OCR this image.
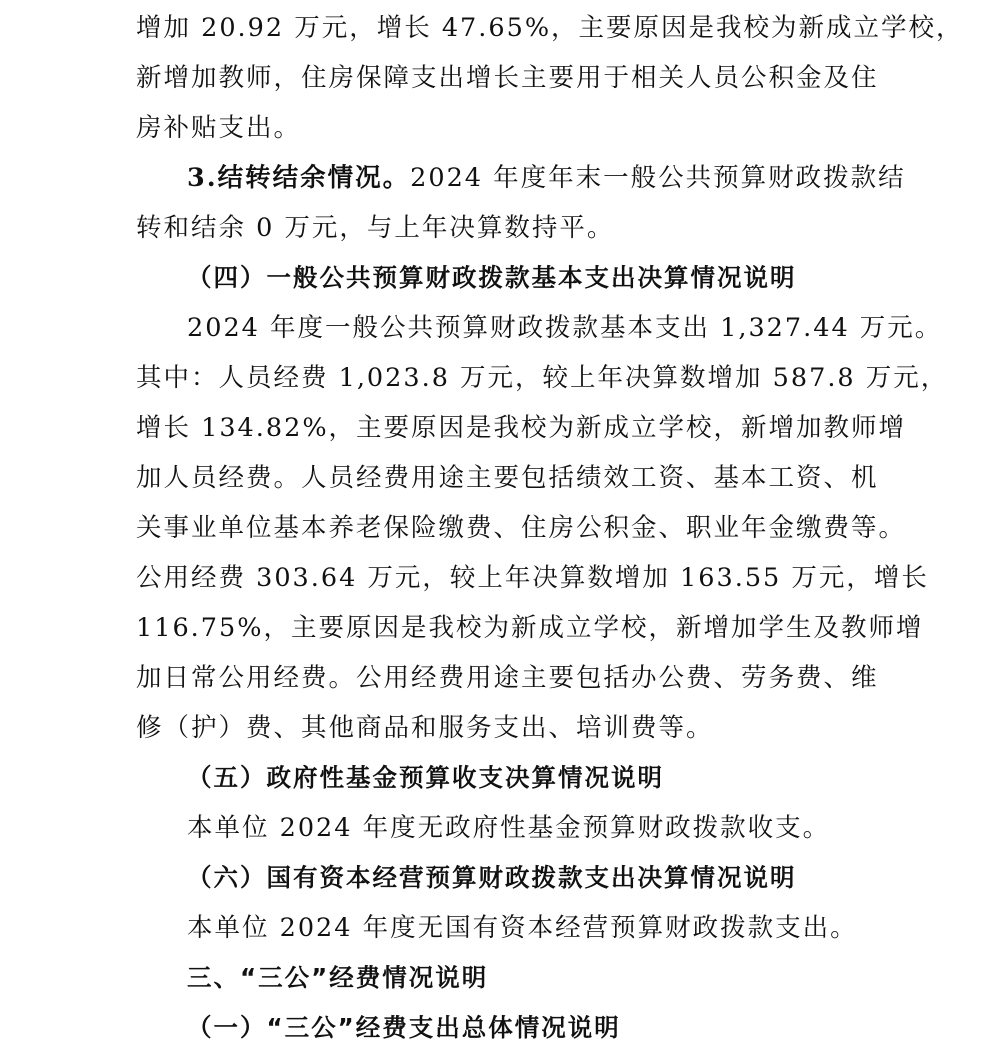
增加 20.92 万元，增长 47.65%，主要原因是我校为新成立学校，

新增加教师，住房保障支出增长主要用于相关人员公积金及住

房补贴支出。

3.结转结余情况。2024 年度年末一般公共预算财政拨款结

转和结余 0 万元，与上年决算数持平。

（四）一般公共预算财政拨款基本支出决算情况说明

2024 年度一般公共预算财政拨款基本支出 1,327.44 万元。

其中：人员经费 1,023.8 万元，较上年决算数增加 587.8 万元，

增长 134.82%，主要原因是我校为新成立学校，新增加教师增

加人员经费。人员经费用途主要包括绩效工资、基本工资、机

关事业单位基本养老保险缴费、住房公积金、职业年金缴费等。

公用经费 303.64 万元，较上年决算数增加 163.55 万元，增长

116.75%，主要原因是我校为新成立学校，新增加学生及教师增

加日常公用经费。公用经费用途主要包括办公费、劳务费、维

修（护）费、其他商品和服务支出、培训费等。

（五）政府性基金预算收支决算情况说明

本单位 2024 年度无政府性基金预算财政拨款收支。

（六）国有资本经营预算财政拨款支出决算情况说明

本单位 2024 年度无国有资本经营预算财政拨款支出。

三、“三公”经费情况说明

（一）“三公”经费支出总体情况说明
